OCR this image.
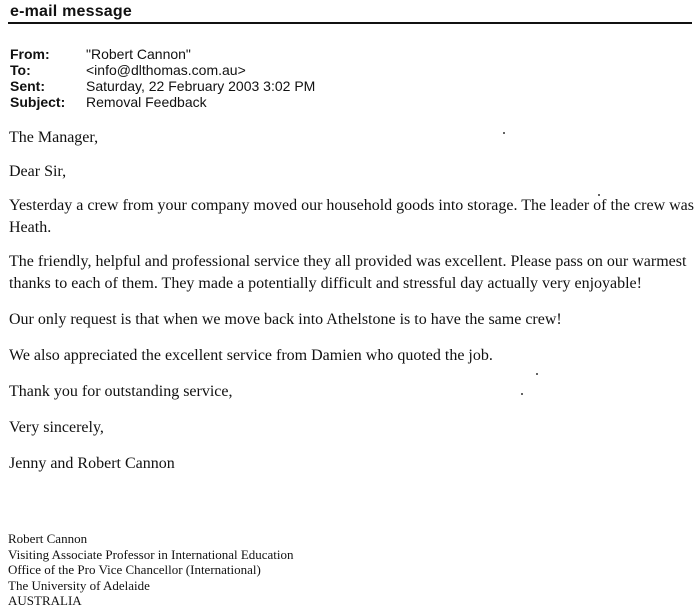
e-mail message
From:	"Robert Cannon"
To:	<info@dlthomas.com.au>
Sent:	Saturday, 22 February 2003 3:02 PM
Subject:	Removal Feedback

The Manager,

Dear Sir,

Yesterday a crew from your company moved our household goods into storage. The leader of the crew was Heath.

The friendly, helpful and professional service they all provided was excellent. Please pass on our warmest thanks to each of them. They made a potentially difficult and stressful day actually very enjoyable!

Our only request is that when we move back into Athelstone is to have the same crew!

We also appreciated the excellent service from Damien who quoted the job.

Thank you for outstanding service,

Very sincerely,

Jenny and Robert Cannon

Robert Cannon
Visiting Associate Professor in International Education
Office of the Pro Vice Chancellor (International)
The University of Adelaide
AUSTRALIA
